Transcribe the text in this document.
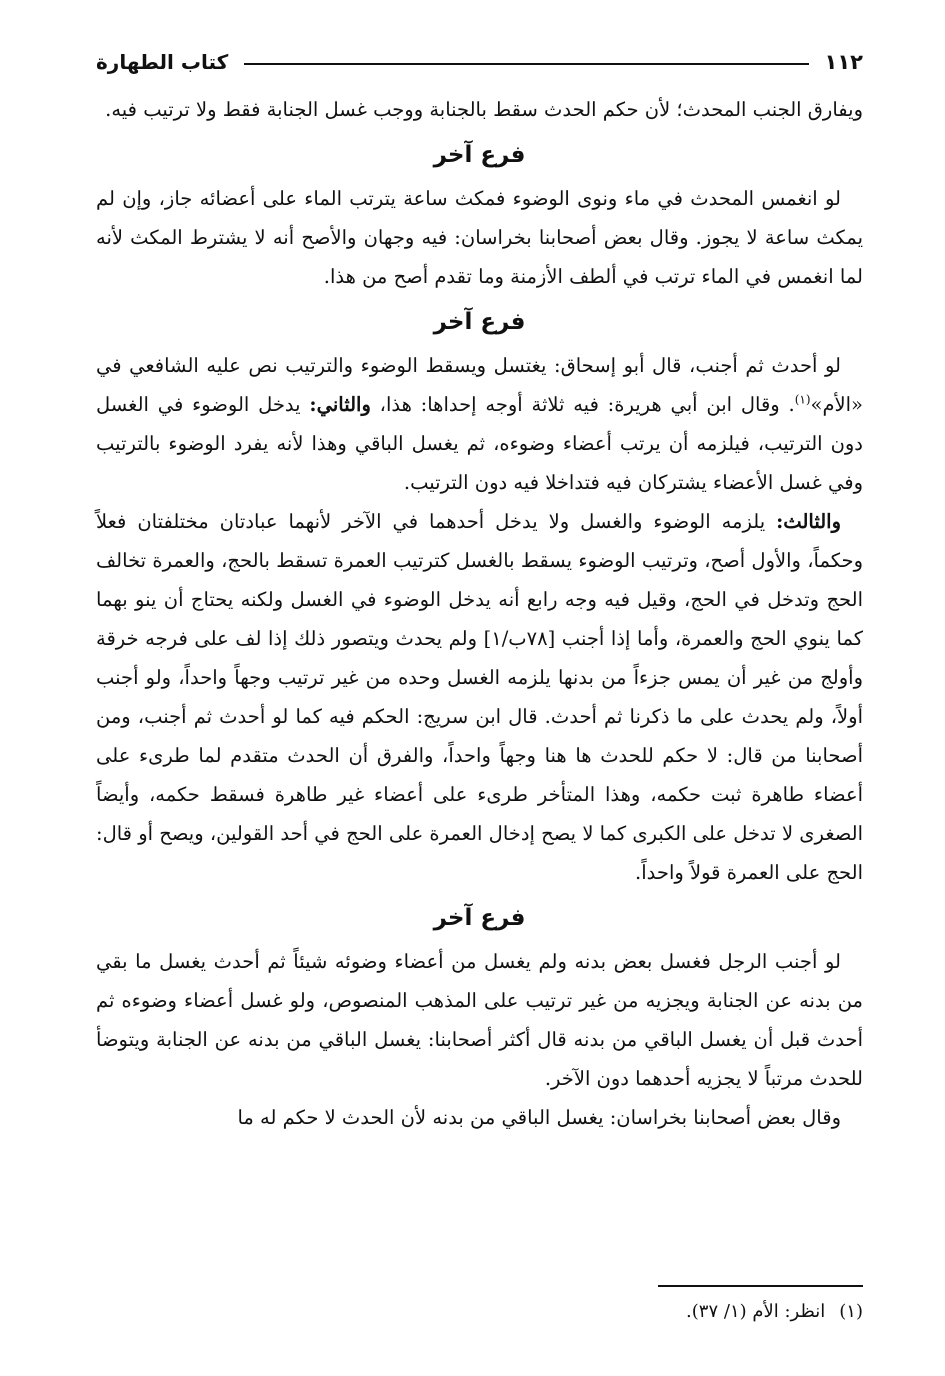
١١٢
كتاب الطهارة

ويفارق الجنب المحدث؛ لأن حكم الحدث سقط بالجنابة ووجب غسل الجنابة فقط ولا ترتيب فيه.

فرع آخر

لو انغمس المحدث في ماء ونوى الوضوء فمكث ساعة يترتب الماء على أعضائه جاز، وإن لم يمكث ساعة لا يجوز. وقال بعض أصحابنا بخراسان: فيه وجهان والأصح أنه لا يشترط المكث لأنه لما انغمس في الماء ترتب في ألطف الأزمنة وما تقدم أصح من هذا.

فرع آخر

لو أحدث ثم أجنب، قال أبو إسحاق: يغتسل ويسقط الوضوء والترتيب نص عليه الشافعي في «الأم»$^{(١)}$. وقال ابن أبي هريرة: فيه ثلاثة أوجه إحداها: هذا، والثاني: يدخل الوضوء في الغسل دون الترتيب، فيلزمه أن يرتب أعضاء وضوءه، ثم يغسل الباقي وهذا لأنه يفرد الوضوء بالترتيب وفي غسل الأعضاء يشتركان فيه فتداخلا فيه دون الترتيب.

والثالث: يلزمه الوضوء والغسل ولا يدخل أحدهما في الآخر لأنهما عبادتان مختلفتان فعلاً وحكماً، والأول أصح، وترتيب الوضوء يسقط بالغسل كترتيب العمرة تسقط بالحج، والعمرة تخالف الحج وتدخل في الحج، وقيل فيه وجه رابع أنه يدخل الوضوء في الغسل ولكنه يحتاج أن ينو بهما كما ينوي الحج والعمرة، وأما إذا أجنب [٧٨ب/١] ولم يحدث ويتصور ذلك إذا لف على فرجه خرقة وأولج من غير أن يمس جزءاً من بدنها يلزمه الغسل وحده من غير ترتيب وجهاً واحداً، ولو أجنب أولاً، ولم يحدث على ما ذكرنا ثم أحدث. قال ابن سريج: الحكم فيه كما لو أحدث ثم أجنب، ومن أصحابنا من قال: لا حكم للحدث ها هنا وجهاً واحداً، والفرق أن الحدث متقدم لما طرىء على أعضاء طاهرة ثبت حكمه، وهذا المتأخر طرىء على أعضاء غير طاهرة فسقط حكمه، وأيضاً الصغرى لا تدخل على الكبرى كما لا يصح إدخال العمرة على الحج في أحد القولين، ويصح أو قال: الحج على العمرة قولاً واحداً.

فرع آخر

لو أجنب الرجل فغسل بعض بدنه ولم يغسل من أعضاء وضوئه شيئاً ثم أحدث يغسل ما بقي من بدنه عن الجنابة ويجزيه من غير ترتيب على المذهب المنصوص، ولو غسل أعضاء وضوءه ثم أحدث قبل أن يغسل الباقي من بدنه قال أكثر أصحابنا: يغسل الباقي من بدنه عن الجنابة ويتوضأ للحدث مرتباً لا يجزيه أحدهما دون الآخر.

وقال بعض أصحابنا بخراسان: يغسل الباقي من بدنه لأن الحدث لا حكم له ما

(١)انظر: الأم (١/ ٣٧).
